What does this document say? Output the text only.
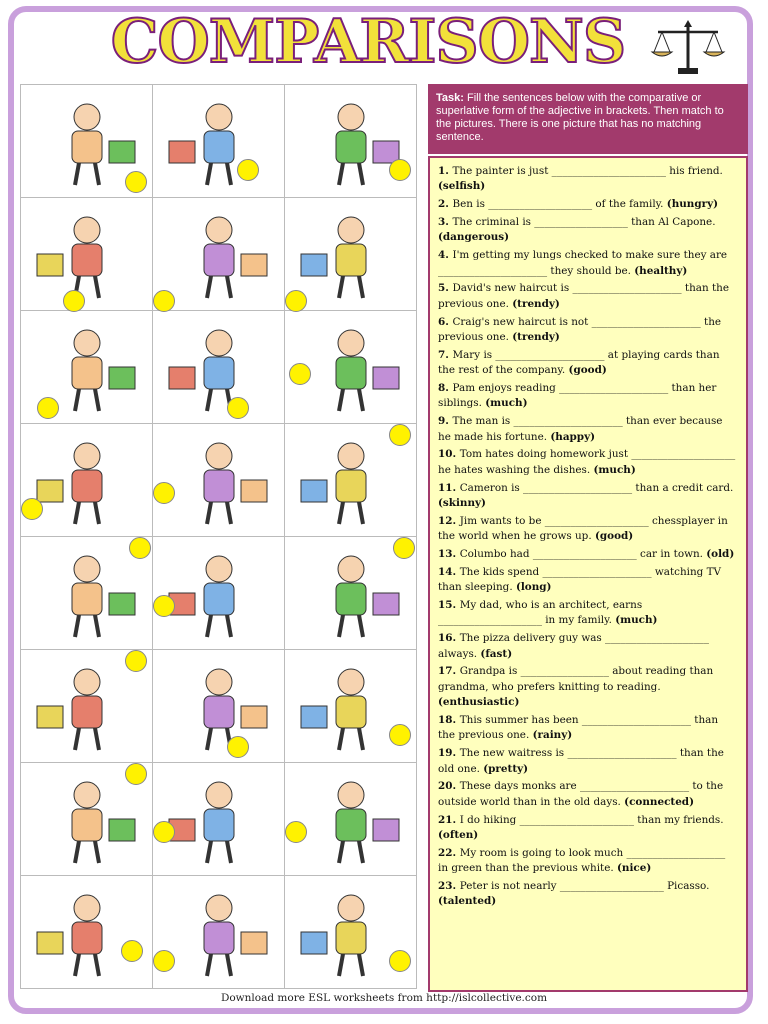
COMPARISONS
Task: Fill the sentences below with the comparative or superlative form of the adjective in brackets. Then match to the pictures. There is one picture that has no matching sentence.
1. The painter is just ______________________ his friend. (selfish)
2. Ben is ____________________ of the family. (hungry)
3. The criminal is __________________ than Al Capone. (dangerous)
4. I'm getting my lungs checked to make sure they are _____________________ they should be. (healthy)
5. David's new haircut is _____________________ than the previous one. (trendy)
6. Craig's new haircut is not _____________________ the previous one. (trendy)
7. Mary is _____________________ at playing cards than the rest of the company. (good)
8. Pam enjoys reading _____________________ than her siblings. (much)
9. The man is _____________________ than ever because he made his fortune. (happy)
10. Tom hates doing homework just ____________________ he hates washing the dishes. (much)
11. Cameron is _____________________ than a credit card. (skinny)
12. Jim wants to be ____________________ chessplayer in the world when he grows up. (good)
13. Columbo had ____________________ car in town. (old)
14. The kids spend _____________________ watching TV than sleeping. (long)
15. My dad, who is an architect, earns ____________________ in my family. (much)
16. The pizza delivery guy was ____________________ always. (fast)
17. Grandpa is _________________ about reading than grandma, who prefers knitting to reading. (enthusiastic)
18. This summer has been _____________________ than the previous one. (rainy)
19. The new waitress is _____________________ than the old one. (pretty)
20. These days monks are _____________________ to the outside world than in the old days. (connected)
21. I do hiking ______________________ than my friends. (often)
22. My room is going to look much ___________________ in green than the previous white. (nice)
23. Peter is not nearly ____________________ Picasso. (talented)
Download more ESL worksheets from http://islcollective.com
